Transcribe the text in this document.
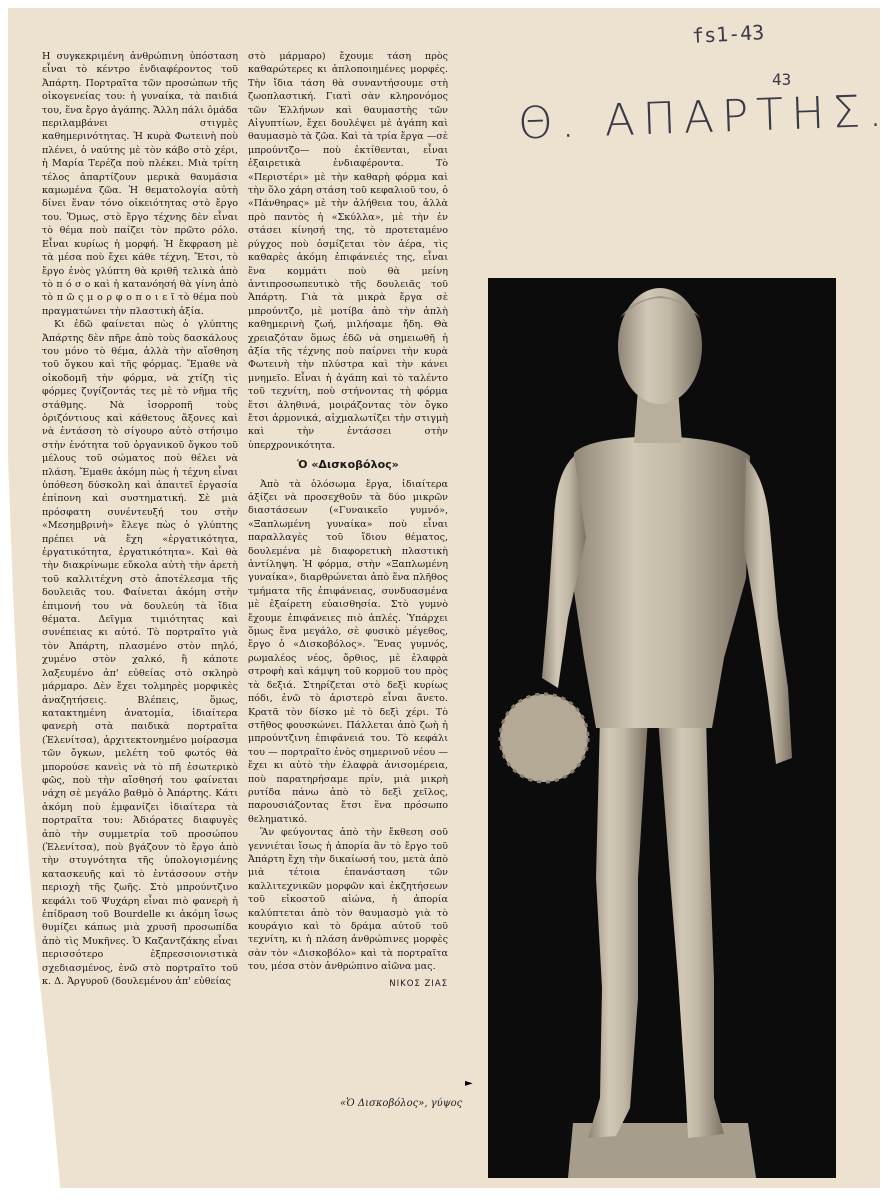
fs1-43
43
Θ. ΑΠΑΡΤΗΣ.

Η συγκεκριμένη ἀνθρώπινη ὑπόσταση εἶναι τὸ κέντρο ἐνδιαφέροντος τοῦ Ἀπάρτη. Πορτραῖτα τῶν προσώπων τῆς οἰκογενείας του: ἡ γυναίκα, τὰ παιδιά του, ἕνα ἔργο ἀγάπης. Ἄλλη πάλι ὁμάδα περιλαμβάνει στιγμὲς καθημερινότητας. Ἡ κυρὰ Φωτεινὴ ποὺ πλένει, ὁ ναύτης μὲ τὸν κάβο στὸ χέρι, ἡ Μαρία Τερέζα ποὺ πλέκει. Μιὰ τρίτη τέλος ἀπαρτίζουν μερικὰ θαυμάσια καμωμένα ζῶα. Ἡ θεματολογία αὐτὴ δίνει ἕναν τόνο οἰκειότητας στὸ ἔργο του. Ὅμως, στὸ ἔργο τέχνης δὲν εἶναι τὸ θέμα ποὺ παίζει τὸν πρῶτο ρόλο. Εἶναι κυρίως ἡ μορφή. Ἡ ἔκφραση μὲ τὰ μέσα ποὺ ἔχει κάθε τέχνη. Ἔτσι, τὸ ἔργο ἑνὸς γλύπτη θὰ κριθῆ τελικὰ ἀπὸ τὸ π ό σ ο καὶ ἡ κατανόησή θὰ γίνη ἀπὸ τὸ π ῶ ς μ ο ρ φ ο π ο ι ε ῖ τὸ θέμα ποὺ πραγματώνει τὴν πλαστικὴ ἀξία.

Κι ἐδῶ φαίνεται πὼς ὁ γλύπτης Ἀπάρτης δὲν πῆρε ἀπὸ τοὺς δασκάλους του μόνο τὸ θέμα, ἀλλὰ τὴν αἴσθηση τοῦ ὄγκου καὶ τῆς φόρμας. Ἔμαθε νὰ οἰκοδομῆ τὴν φόρμα, νὰ χτίζη τὶς φόρμες ζυγίζοντάς τες μὲ τὸ νῆμα τῆς στάθμης. Νὰ ἰσορροπῆ τοὺς ὁριζόντιους καὶ κάθετους ἄξονες καὶ νὰ ἐντάσση τὸ σίγουρο αὐτὸ στήσιμο στὴν ἑνότητα τοῦ ὀργανικοῦ ὄγκου τοῦ μέλους τοῦ σώματος ποὺ θέλει νὰ πλάση. Ἔμαθε ἀκόμη πὼς ἡ τέχνη εἶναι ὑπόθεση δύσκολη καὶ ἀπαιτεῖ ἐργασία ἐπίπονη καὶ συστηματική. Σὲ μιὰ πρόσφατη συνέντευξή του στὴν «Μεσημβρινὴ» ἔλεγε πὼς ὁ γλύπτης πρέπει νὰ ἔχη «ἐργατικότητα, ἐργατικότητα, ἐργατικότητα». Καὶ θὰ τὴν διακρίνωμε εὔκολα αὐτὴ τὴν ἀρετὴ τοῦ καλλιτέχνη στὸ ἀποτέλεσμα τῆς δουλειᾶς του. Φαίνεται ἀκόμη στὴν ἐπιμονή του νὰ δουλεύη τὰ ἴδια θέματα. Δεῖγμα τιμιότητας καὶ συνέπειας κι αὐτό. Τὸ πορτραῖτο γιὰ τὸν Ἀπάρτη, πλασμένο στὸν πηλό, χυμένο στὸν χαλκό, ἢ κάποτε λαξευμένο ἀπ' εὐθείας στὸ σκληρὸ μάρμαρο. Δὲν ἔχει τολμηρὲς μορφικὲς ἀναζητήσεις. Βλέπεις, ὅμως, κατακτημένη ἀνατομία, ἰδιαίτερα φανερὴ στὰ παιδικὰ πορτραῖτα (Ἐλενίτσα), ἀρχιτεκτονημένο μοίρασμα τῶν ὄγκων, μελέτη τοῦ φωτός θὰ μπορούσε κανεὶς νὰ τὸ πῆ ἐσωτερικὸ φῶς, ποὺ τὴν αἴσθησή του φαίνεται νάχη σὲ μεγάλο βαθμὸ ὁ Ἀπάρτης. Κάτι ἀκόμη ποὺ ἐμφανίζει ἰδιαίτερα τὰ πορτραῖτα του: Ἀδιόρατες διαφυγὲς ἀπὸ τὴν συμμετρία τοῦ προσώπου (Ἐλενίτσα), ποὺ βγάζουν τὸ ἔργο ἀπὸ τὴν στυγνότητα τῆς ὑπολογισμένης κατασκευῆς καὶ τὸ ἐντάσσουν στὴν περιοχὴ τῆς ζωῆς. Στὸ μπρούντζινο κεφάλι τοῦ Ψυχάρη εἶναι πιὸ φανερὴ ἡ ἐπίδραση τοῦ Bourdelle κι ἀκόμη ἴσως θυμίζει κάπως μιὰ χρυσῆ προσωπίδα ἀπὸ τὶς Μυκῆνες. Ὁ Καζαντζάκης εἶναι περισσότερο ἐξπρεσσιονιστικὰ σχεδιασμένος, ἐνῶ στὸ πορτραῖτο τοῦ κ. Δ. Ἀργυροῦ (δουλεμένου ἀπ' εὐθείας

στὸ μάρμαρο) ἔχουμε τάση πρὸς καθαρώτερες κι ἁπλοποιημένες μορφές. Τὴν ἴδια τάση θὰ συναντήσουμε στὴ ζωοπλαστική. Γιατὶ σὰν κληρονόμος τῶν Ἑλλήνων καὶ θαυμαστὴς τῶν Αἰγυπτίων, ἔχει δουλέψει μὲ ἀγάπη καὶ θαυμασμὸ τὰ ζῶα. Καὶ τὰ τρία ἔργα —σὲ μπρούντζο— ποὺ ἐκτίθενται, εἶναι ἐξαιρετικὰ ἐνδιαφέροντα. Τὸ «Περιστέρι» μὲ τὴν καθαρὴ φόρμα καὶ τὴν ὅλο χάρη στάση τοῦ κεφαλιοῦ του, ὁ «Πάνθηρας» μὲ τὴν ἀλήθεια του, ἀλλὰ πρὸ παντὸς ἡ «Σκύλλα», μὲ τὴν ἐν στάσει κίνησή της, τὸ προτεταμένο ρύγχος ποὺ ὀσμίζεται τὸν ἀέρα, τὶς καθαρὲς ἀκόμη ἐπιφάνειές της, εἶναι ἕνα κομμάτι ποὺ θὰ μείνη ἀντιπροσωπευτικὸ τῆς δουλειᾶς τοῦ Ἀπάρτη. Γιὰ τὰ μικρὰ ἔργα σὲ μπρούντζο, μὲ μοτίβα ἀπὸ τὴν ἁπλὴ καθημερινὴ ζωή, μιλήσαμε ἤδη. Θὰ χρειαζόταν ὅμως ἐδῶ νὰ σημειωθῆ ἡ ἀξία τῆς τέχνης ποὺ παίρνει τὴν κυρὰ Φωτεινὴ τὴν πλύστρα καὶ τὴν κάνει μνημεῖο. Εἶναι ἡ ἀγάπη καὶ τὸ ταλέντο τοῦ τεχνίτη, ποὺ στήνοντας τὴ φόρμα ἔτσι ἀληθινά, μοιράζοντας τὸν ὄγκο ἔτσι ἁρμονικά, αἰχμαλωτίζει τὴν στιγμὴ καὶ τὴν ἐντάσσει στὴν ὑπερχρονικότητα.

Ὁ «Δισκοβόλος»

Ἀπὸ τὰ ὁλόσωμα ἔργα, ἰδιαίτερα ἀξίζει νὰ προσεχθοῦν τὰ δύο μικρῶν διαστάσεων («Γυναικεῖο γυμνό», «Ξαπλωμένη γυναίκα» ποὺ εἶναι παραλλαγὲς τοῦ ἴδιου θέματος, δουλεμένα μὲ διαφορετικὴ πλαστικὴ ἀντίληψη. Ἡ φόρμα, στὴν «Ξαπλωμένη γυναίκα», διαρθρώνεται ἀπὸ ἕνα πλῆθος τμήματα τῆς ἐπιφάνειας, συνδυασμένα μὲ ἐξαίρετη εὐαισθησία. Στὸ γυμνὸ ἔχουμε ἐπιφάνειες πιὸ ἁπλές. Ὑπάρχει ὅμως ἕνα μεγάλο, σὲ φυσικὸ μέγεθος, ἔργο ὁ «Δισκοβόλος». Ἕνας γυμνός, ρωμαλέος νέος, ὄρθιος, μὲ ἐλαφρὰ στροφὴ καὶ κάμψη τοῦ κορμοῦ του πρὸς τὰ δεξιά. Στηρίζεται στὸ δεξὶ κυρίως πόδι, ἐνῶ τὸ ἀριστερὸ εἶναι ἄνετο. Κρατᾶ τὸν δίσκο μὲ τὸ δεξὶ χέρι. Τὸ στῆθος φουσκώνει. Πάλλεται ἀπὸ ζωὴ ἡ μπρούντζινη ἐπιφάνειά του. Τὸ κεφάλι του — πορτραῖτο ἑνὸς σημερινοῦ νέου — ἔχει κι αὐτὸ τὴν ἐλαφρὰ ἀνισομέρεια, ποὺ παρατηρήσαμε πρίν, μιὰ μικρὴ ρυτίδα πάνω ἀπὸ τὸ δεξὶ χεῖλος, παρουσιάζοντας ἔτσι ἕνα πρόσωπο θεληματικό.

Ἂν φεύγοντας ἀπὸ τὴν ἔκθεση σοῦ γεννιέται ἴσως ἡ ἀπορία ἂν τὸ ἔργο τοῦ Ἀπάρτη ἔχη τὴν δικαίωσή του, μετὰ ἀπὸ μιὰ τέτοια ἐπανάσταση τῶν καλλιτεχνικῶν μορφῶν καὶ ἐκζητήσεων τοῦ εἰκοστοῦ αἰώνα, ἡ ἀπορία καλύπτεται ἀπὸ τὸν θαυμασμὸ γιὰ τὸ κουράγιο καὶ τὸ δράμα αὐτοῦ τοῦ τεχνίτη, κι ἡ πλάση ἀνθρώπινες μορφὲς σὰν τὸν «Δισκοβόλο» καὶ τὰ πορτραῖτα του, μέσα στὸν ἀνθρώπινο αἰῶνα μας.

ΝΙΚΟΣ ΖΙΑΣ
►
«Ὁ Δισκοβόλος», γύψος
